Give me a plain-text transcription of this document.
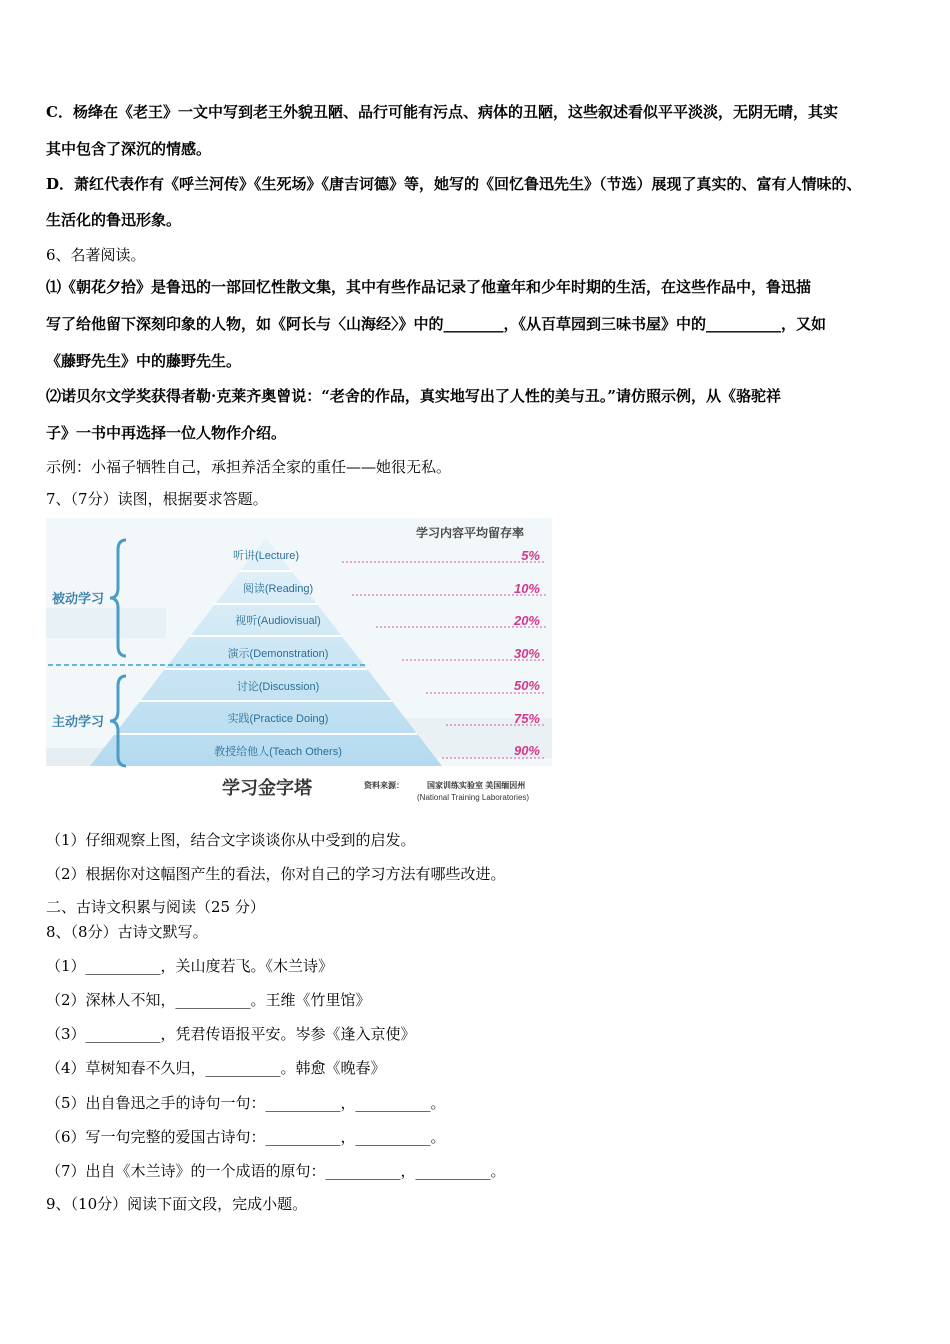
C．杨绛在《老王》一文中写到老王外貌丑陋、品行可能有污点、病体的丑陋，这些叙述看似平平淡淡，无阴无晴，其实
其中包含了深沉的情感。
D．萧红代表作有《呼兰河传》《生死场》《唐吉诃德》等，她写的《回忆鲁迅先生》（节选）展现了真实的、富有人情味的、
生活化的鲁迅形象。
6、名著阅读。
⑴《朝花夕拾》是鲁迅的一部回忆性散文集，其中有些作品记录了他童年和少年时期的生活，在这些作品中，鲁迅描
写了给他留下深刻印象的人物，如《阿长与〈山海经〉》中的________，《从百草园到三味书屋》中的__________，又如
《藤野先生》中的藤野先生。
⑵诺贝尔文学奖获得者勒·克莱齐奥曾说：“老舍的作品，真实地写出了人性的美与丑。”请仿照示例，从《骆驼祥
子》一书中再选择一位人物作介绍。
示例：小福子牺牲自己，承担养活全家的重任——她很无私。
7、（7分）读图，根据要求答题。
被动学习
主动学习
学习内容平均留存率
听讲(Lecture)
阅读(Reading)
视听(Audiovisual)
演示(Demonstration)
讨论(Discussion)
实践(Practice Doing)
教授给他人(Teach Others)
5%
10%
20%
30%
50%
75%
90%
学习金字塔	资料来源：	国家训练实验室 美国缅因州
(National Training Laboratories)
（1）仔细观察上图，结合文字谈谈你从中受到的启发。
（2）根据你对这幅图产生的看法，你对自己的学习方法有哪些改进。
二、古诗文积累与阅读（25 分）
8、（8分）古诗文默写。
（1）__________，关山度若飞。《木兰诗》
（2）深林人不知，__________。王维《竹里馆》
（3）__________，凭君传语报平安。岑参《逢入京使》
（4）草树知春不久归，__________。韩愈《晚春》
（5）出自鲁迅之手的诗句一句：__________，__________。
（6）写一句完整的爱国古诗句：__________，__________。
（7）出自《木兰诗》的一个成语的原句：__________，__________。
9、（10分）阅读下面文段，完成小题。
